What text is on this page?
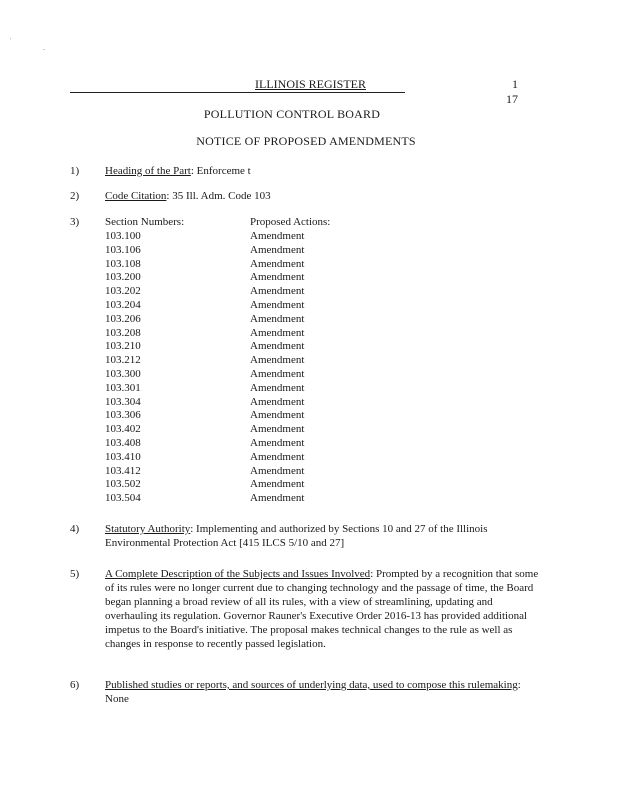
'
-
ILLINOIS REGISTER	1
17
POLLUTION CONTROL BOARD
NOTICE OF PROPOSED AMENDMENTS
1)	Heading of the Part: Enforceme t
2)	Code Citation: 35 Ill. Adm. Code 103
3)	Section Numbers:	Proposed Actions:
103.100	Amendment
103.106	Amendment
103.108	Amendment
103.200	Amendment
103.202	Amendment
103.204	Amendment
103.206	Amendment
103.208	Amendment
103.210	Amendment
103.212	Amendment
103.300	Amendment
103.301	Amendment
103.304	Amendment
103.306	Amendment
103.402	Amendment
103.408	Amendment
103.410	Amendment
103.412	Amendment
103.502	Amendment
103.504	Amendment
4)	Statutory Authority: Implementing and authorized by Sections 10 and 27 of the Illinois Environmental Protection Act [415 ILCS 5/10 and 27]
5)	A Complete Description of the Subjects and Issues Involved: Prompted by a recognition that some of its rules were no longer current due to changing technology and the passage of time, the Board began planning a broad review of all its rules, with a view of streamlining, updating and overhauling its regulation. Governor Rauner's Executive Order 2016-13 has provided additional impetus to the Board's initiative. The proposal makes technical changes to the rule as well as changes in response to recently passed legislation.
6)	Published studies or reports, and sources of underlying data, used to compose this rulemaking: None
